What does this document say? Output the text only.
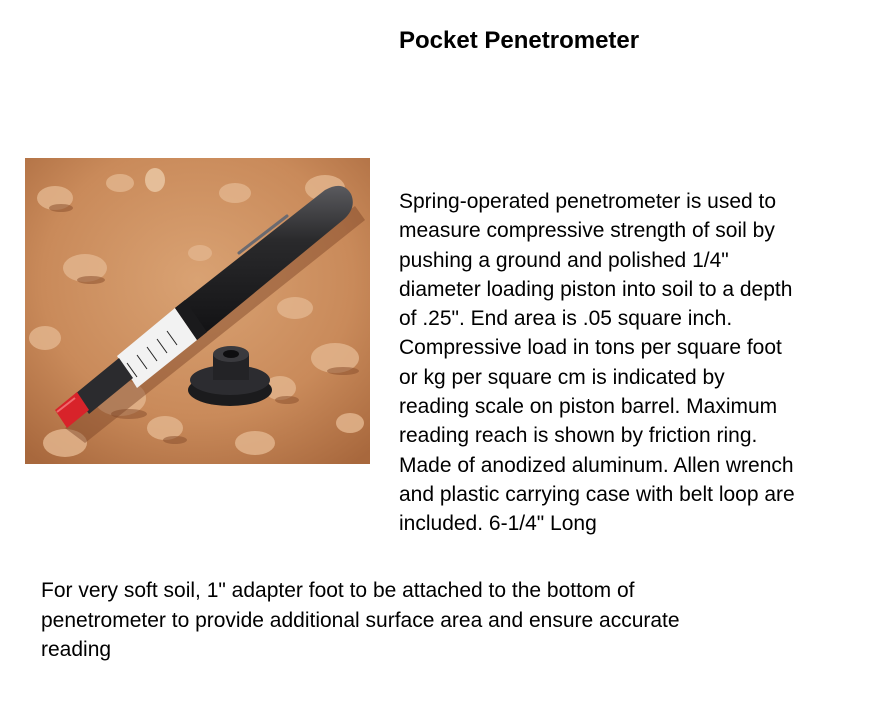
Pocket Penetrometer

Spring-operated penetrometer is used to
measure compressive strength of soil by
pushing a ground and polished 1/4"
diameter loading piston into soil to a depth
of .25". End area is .05 square inch.
Compressive load in tons per square foot
or kg per square cm is indicated by
reading scale on piston barrel. Maximum
reading reach is shown by friction ring.
Made of anodized aluminum. Allen wrench
and plastic carrying case with belt loop are
included. 6-1/4" Long

For very soft soil, 1" adapter foot to be attached to the bottom of
penetrometer to provide additional surface area and ensure accurate
reading
